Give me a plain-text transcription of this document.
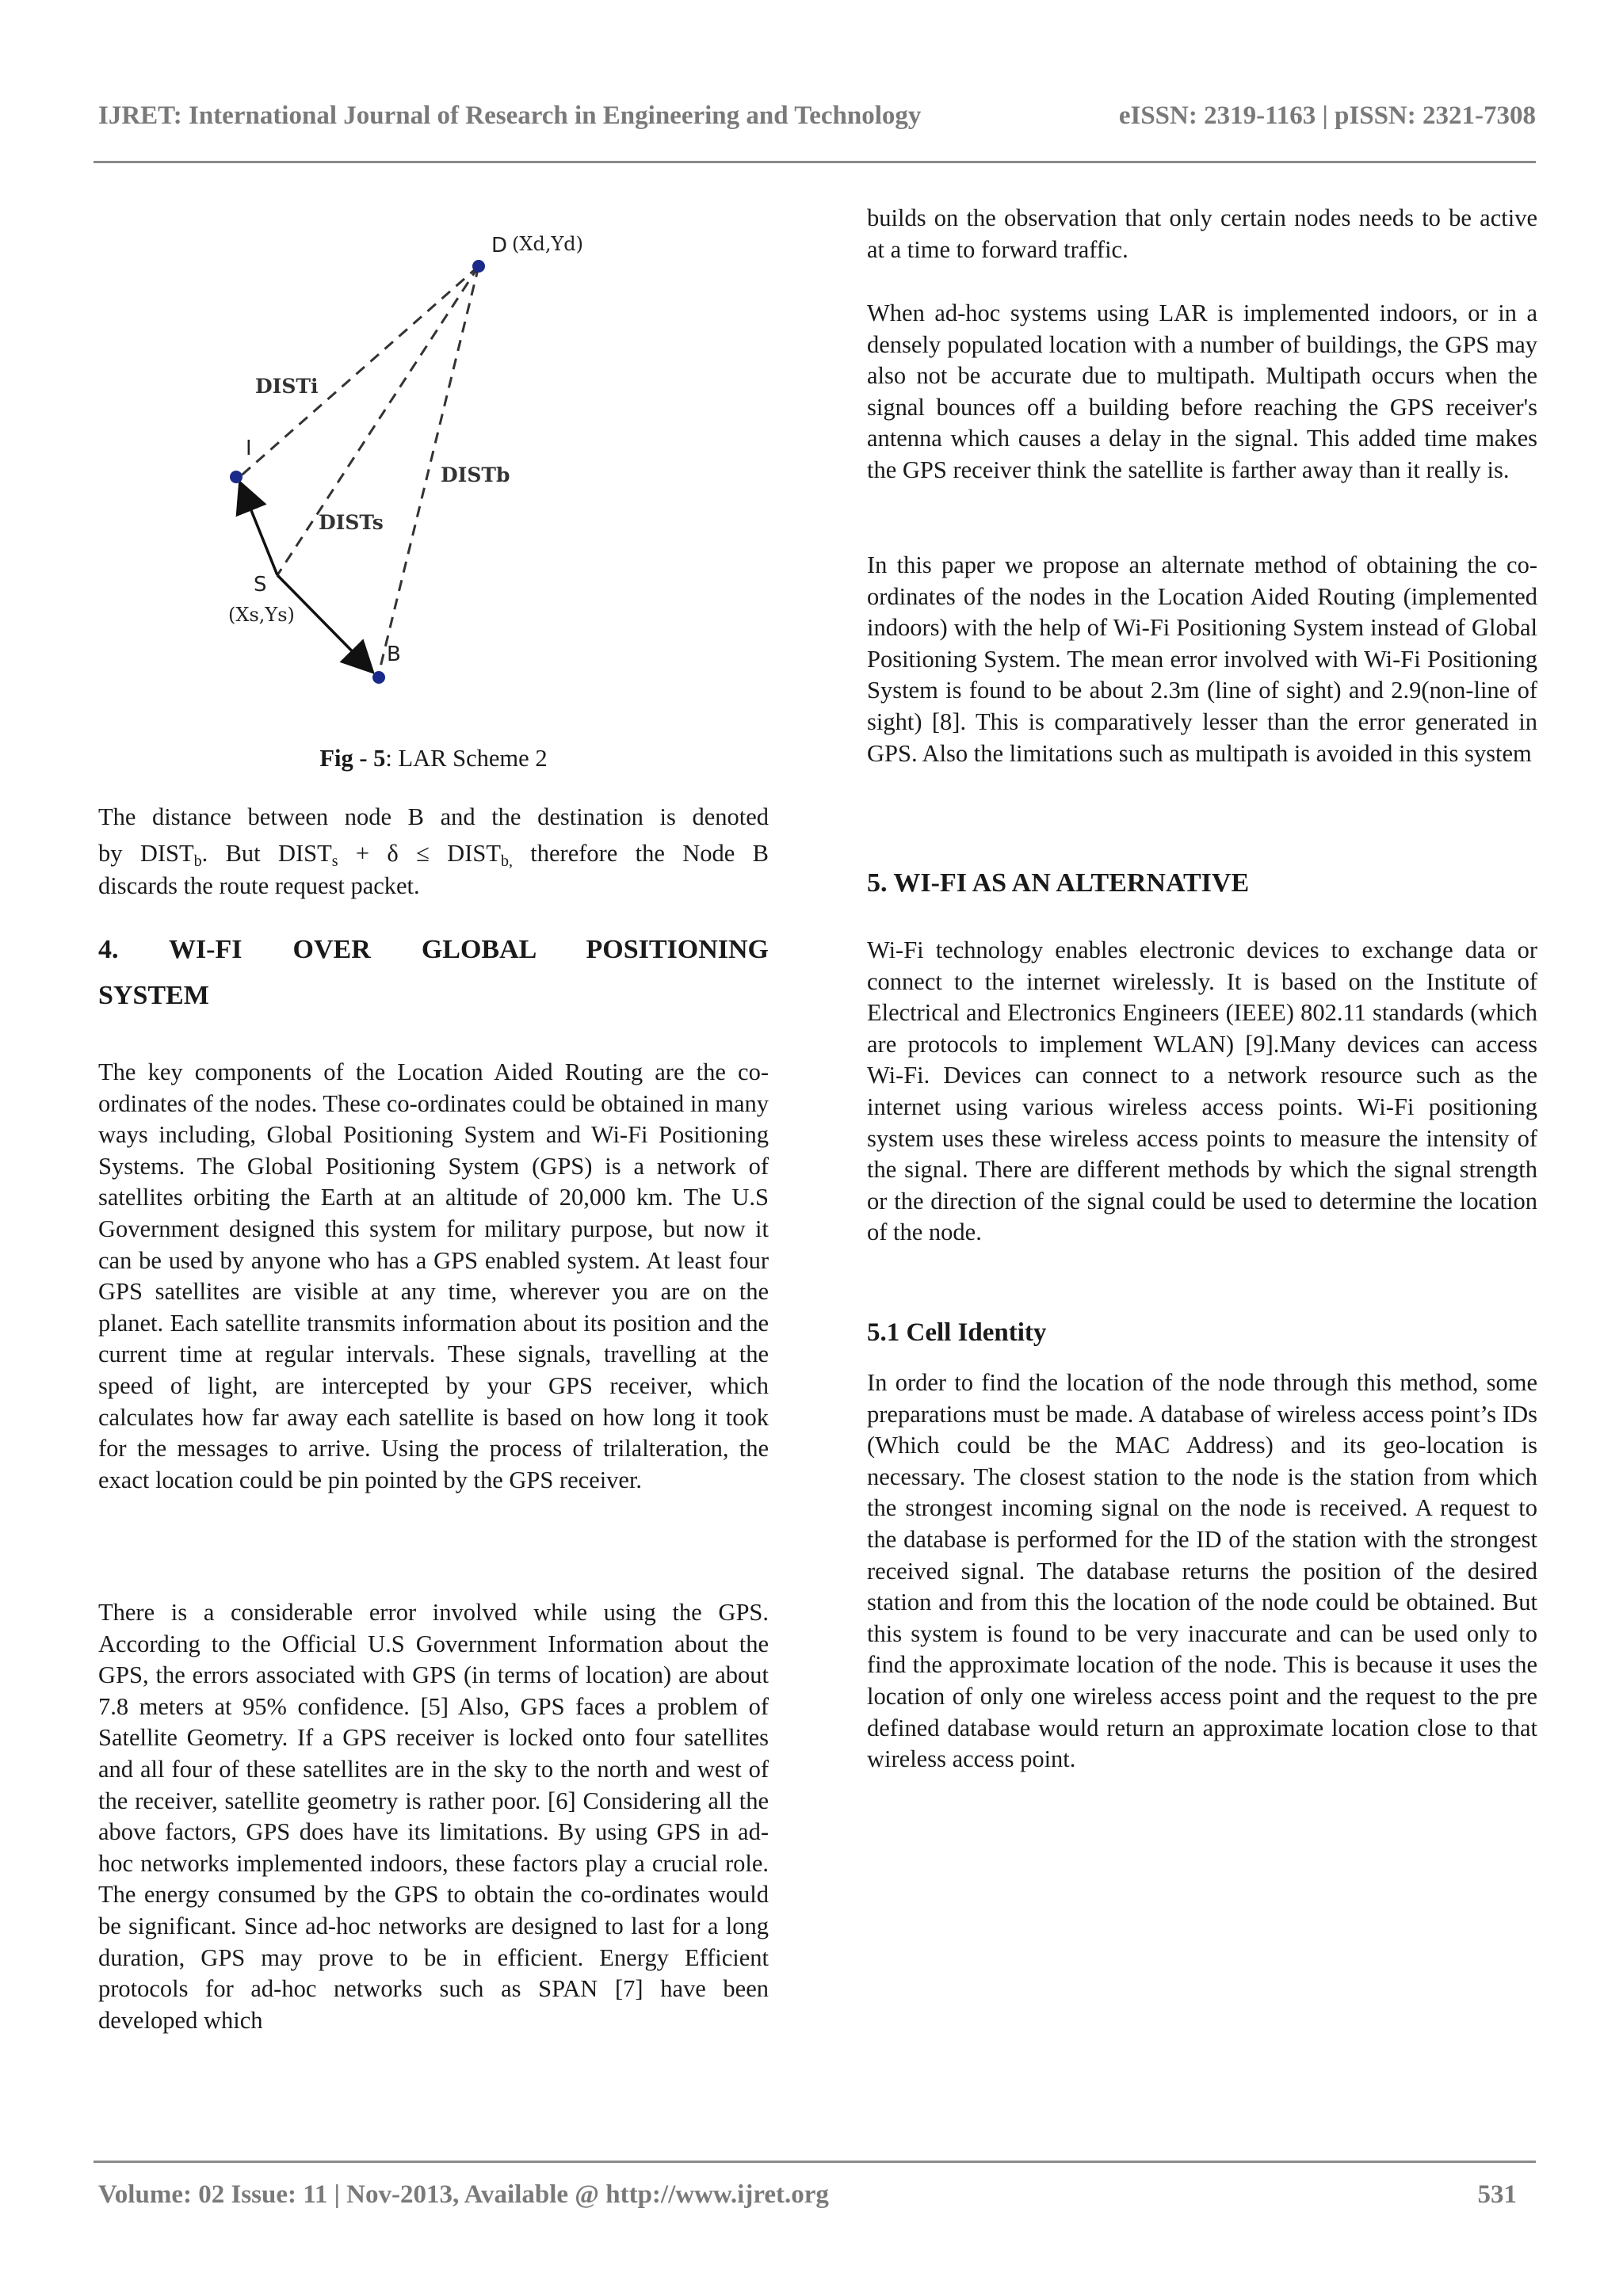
IJRET: International Journal of Research in Engineering and Technology	eISSN: 2319-1163 | pISSN: 2321-7308
D (Xd,Yd)
DISTi
I
DISTb
DISTs
S
(Xs,Ys)
B
Fig - 5: LAR Scheme 2

The distance between node B and the destination is denoted

by $DIST_b$. But $DIST_s + \delta$ ≤ $DIST_{b,}$ therefore the Node B

discards the route request packet.

4.     WI-FI     OVER     GLOBAL     POSITIONING
SYSTEM

The key components of the Location Aided Routing are the co-ordinates of the nodes. These co-ordinates could be obtained in many ways including, Global Positioning System and Wi-Fi Positioning Systems. The Global Positioning System (GPS) is a network of satellites orbiting the Earth at an altitude of 20,000 km. The U.S Government designed this system for military purpose, but now it can be used by anyone who has a GPS enabled system. At least four GPS satellites are visible at any time, wherever you are on the planet. Each satellite transmits information about its position and the current time at regular intervals. These signals, travelling at the speed of light, are intercepted by your GPS receiver, which calculates how far away each satellite is based on how long it took for the messages to arrive. Using the process of trilalteration, the exact location could be pin pointed by the GPS receiver.

There is a considerable error involved while using the GPS. According to the Official U.S Government Information about the GPS, the errors associated with GPS (in terms of location) are about 7.8 meters at 95% confidence. [5] Also, GPS faces a problem of Satellite Geometry. If a GPS receiver is locked onto four satellites and all four of these satellites are in the sky to the north and west of the receiver, satellite geometry is rather poor. [6] Considering all the above factors, GPS does have its limitations. By using GPS in ad-hoc networks implemented indoors, these factors play a crucial role. The energy consumed by the GPS to obtain the co-ordinates would be significant. Since ad-hoc networks are designed to last for a long duration, GPS may prove to be in efficient. Energy Efficient protocols for ad-hoc networks such as SPAN [7] have been developed which

builds on the observation that only certain nodes needs to be active at a time to forward traffic.

When ad-hoc systems using LAR is implemented indoors, or in a densely populated location with a number of buildings, the GPS may also not be accurate due to multipath. Multipath occurs when the signal bounces off a building before reaching the GPS receiver's antenna which causes a delay in the signal. This added time makes the GPS receiver think the satellite is farther away than it really is.

In this paper we propose an alternate method of obtaining the co-ordinates of the nodes in the Location Aided Routing (implemented indoors) with the help of Wi-Fi Positioning System instead of Global Positioning System. The mean error involved with Wi-Fi Positioning System is found to be about 2.3m (line of sight) and 2.9(non-line of sight) [8]. This is comparatively lesser than the error generated in GPS. Also the limitations such as multipath is avoided in this system

5. WI-FI AS AN ALTERNATIVE

Wi-Fi technology enables electronic devices to exchange data or connect to the internet wirelessly. It is based on the Institute of Electrical and Electronics Engineers (IEEE) 802.11 standards (which are protocols to implement WLAN) [9].Many devices can access Wi-Fi. Devices can connect to a network resource such as the internet using various wireless access points. Wi-Fi positioning system uses these wireless access points to measure the intensity of the signal. There are different methods by which the signal strength or the direction of the signal could be used to determine the location of the node.

5.1 Cell Identity

In order to find the location of the node through this method, some preparations must be made. A database of wireless access point’s IDs (Which could be the MAC Address) and its geo-location is necessary. The closest station to the node is the station from which the strongest incoming signal on the node is received. A request to the database is performed for the ID of the station with the strongest received signal. The database returns the position of the desired station and from this the location of the node could be obtained. But this system is found to be very inaccurate and can be used only to find the approximate location of the node. This is because it uses the location of only one wireless access point and the request to the pre defined database would return an approximate location close to that wireless access point.

Volume: 02 Issue: 11 | Nov-2013, Available @ http://www.ijret.org	531
